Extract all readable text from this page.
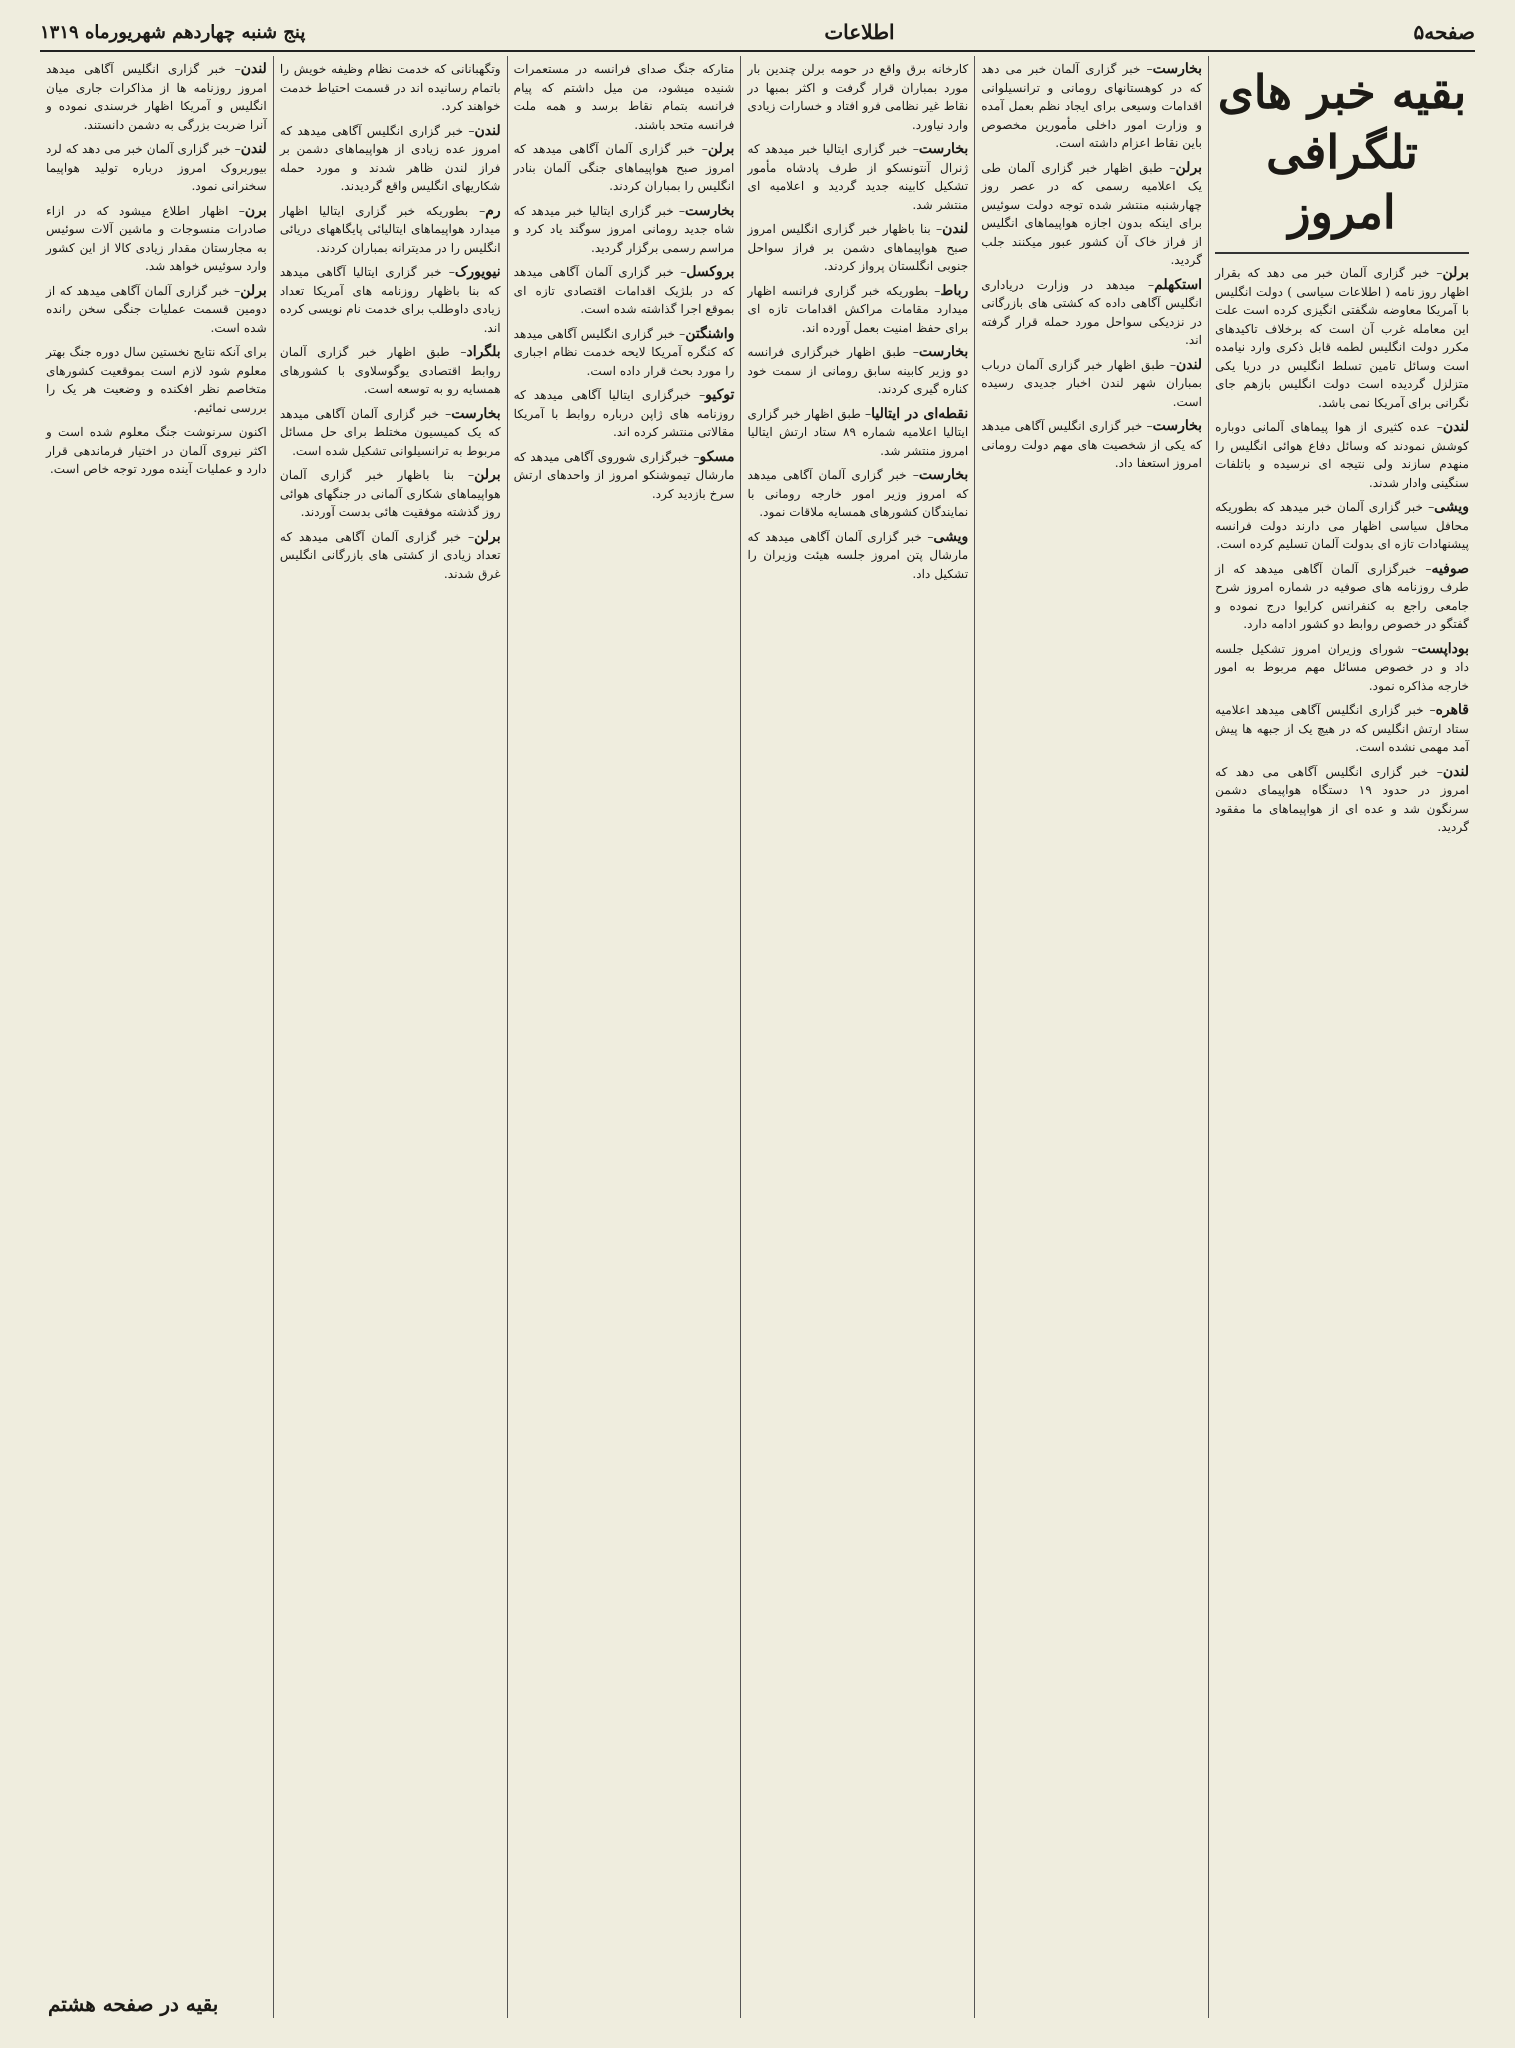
صفحه۵
اطلاعات
پنج شنبه چهاردهم شهریورماه ۱۳۱۹
بقیه خبر های تلگرافی امروز

برلن– خبر گزاری آلمان خبر می دهد که بقرار اظهار روز نامه ( اطلاعات سیاسی ) دولت انگلیس با آمریکا معاوضه شگفتی انگیزی کرده است علت این معامله غرب آن است که برخلاف تاکیدهای مکرر دولت انگلیس لطمه قابل ذکری وارد نیامده است وسائل تامین تسلط انگلیس در دریا یکی متزلزل گردیده است دولت انگلیس بازهم جای نگرانی برای آمریکا نمی باشد.

لندن– عده کثیری از هوا پیماهای آلمانی دوباره کوشش نمودند که وسائل دفاع هوائی انگلیس را منهدم سازند ولی نتیجه ای نرسیده و باتلفات سنگینی وادار شدند.

ویشی– خبر گزاری آلمان خبر میدهد که بطوریکه محافل سیاسی اظهار می دارند دولت فرانسه پیشنهادات تازه ای بدولت آلمان تسلیم کرده است.

صوفیه– خبرگزاری آلمان آگاهی میدهد که از طرف روزنامه های صوفیه در شماره امروز شرح جامعی راجع به کنفرانس کرایوا درج نموده و گفتگو در خصوص روابط دو کشور ادامه دارد.

بوداپست– شورای وزیران امروز تشکیل جلسه داد و در خصوص مسائل مهم مربوط به امور خارجه مذاکره نمود.

قاهره– خبر گزاری انگلیس آگاهی میدهد اعلامیه ستاد ارتش انگلیس که در هیچ یک از جبهه ها پیش آمد مهمی نشده است.

لندن– خبر گزاری انگلیس آگاهی می دهد که امروز در حدود ۱۹ دستگاه هواپیمای دشمن سرنگون شد و عده ای از هواپیماهای ما مفقود گردید.

بخارست– خبر گزاری آلمان خبر می دهد که در کوهستانهای رومانی و ترانسیلوانی اقدامات وسیعی برای ایجاد نظم بعمل آمده و وزارت امور داخلی مأمورین مخصوص باین نقاط اعزام داشته است.

برلن– طبق اظهار خبر گزاری آلمان طی یک اعلامیه رسمی که در عصر روز چهارشنبه منتشر شده توجه دولت سوئیس برای اینکه بدون اجازه هواپیماهای انگلیس از فراز خاک آن کشور عبور میکنند جلب گردید.

استکهلم– میدهد در وزارت دریاداری انگلیس آگاهی داده که کشتی های بازرگانی در نزدیکی سواحل مورد حمله قرار گرفته اند.

لندن– طبق اظهار خبر گزاری آلمان درباب بمباران شهر لندن اخبار جدیدی رسیده است.

بخارست– خبر گزاری انگلیس آگاهی میدهد که یکی از شخصیت های مهم دولت رومانی امروز استعفا داد.

کارخانه برق واقع در حومه برلن چندین بار مورد بمباران قرار گرفت و اکثر بمبها در نقاط غیر نظامی فرو افتاد و خسارات زیادی وارد نیاورد.

بخارست– خبر گزاری ایتالیا خبر میدهد که ژنرال آنتونسکو از طرف پادشاه مأمور تشکیل کابینه جدید گردید و اعلامیه ای منتشر شد.

لندن– بنا باظهار خبر گزاری انگلیس امروز صبح هواپیماهای دشمن بر فراز سواحل جنوبی انگلستان پرواز کردند.

رباط– بطوریکه خبر گزاری فرانسه اظهار میدارد مقامات مراکش اقدامات تازه ای برای حفظ امنیت بعمل آورده اند.

بخارست– طبق اظهار خبرگزاری فرانسه دو وزیر کابینه سابق رومانی از سمت خود کناره گیری کردند.

نقطه‌ای در ایتالیا– طبق اظهار خبر گزاری ایتالیا اعلامیه شماره ۸۹ ستاد ارتش ایتالیا امروز منتشر شد.

بخارست– خبر گزاری آلمان آگاهی میدهد که امروز وزیر امور خارجه رومانی با نمایندگان کشورهای همسایه ملاقات نمود.

ویشی– خبر گزاری آلمان آگاهی میدهد که مارشال پتن امروز جلسه هیئت وزیران را تشکیل داد.

متارکه جنگ صدای فرانسه در مستعمرات شنیده میشود، من میل داشتم که پیام فرانسه بتمام نقاط برسد و همه ملت فرانسه متحد باشند.

برلن– خبر گزاری آلمان آگاهی میدهد که امروز صبح هواپیماهای جنگی آلمان بنادر انگلیس را بمباران کردند.

بخارست– خبر گزاری ایتالیا خبر میدهد که شاه جدید رومانی امروز سوگند یاد کرد و مراسم رسمی برگزار گردید.

بروکسل– خبر گزاری آلمان آگاهی میدهد که در بلژیک اقدامات اقتصادی تازه ای بموقع اجرا گذاشته شده است.

واشنگتن– خبر گزاری انگلیس آگاهی میدهد که کنگره آمریکا لایحه خدمت نظام اجباری را مورد بحث قرار داده است.

توکیو– خبرگزاری ایتالیا آگاهی میدهد که روزنامه های ژاپن درباره روابط با آمریکا مقالاتی منتشر کرده اند.

مسکو– خبرگزاری شوروی آگاهی میدهد که مارشال تیموشنکو امروز از واحدهای ارتش سرخ بازدید کرد.

وتگهبانانی که خدمت نظام وظیفه خویش را باتمام رسانیده اند در قسمت احتیاط خدمت خواهند کرد.

لندن– خبر گزاری انگلیس آگاهی میدهد که امروز عده زیادی از هواپیماهای دشمن بر فراز لندن ظاهر شدند و مورد حمله شکاریهای انگلیس واقع گردیدند.

رم– بطوریکه خبر گزاری ایتالیا اظهار میدارد هواپیماهای ایتالیائی پایگاههای دریائی انگلیس را در مدیترانه بمباران کردند.

نیویورک– خبر گزاری ایتالیا آگاهی میدهد که بنا باظهار روزنامه های آمریکا تعداد زیادی داوطلب برای خدمت نام نویسی کرده اند.

بلگراد– طبق اظهار خبر گزاری آلمان روابط اقتصادی یوگوسلاوی با کشورهای همسایه رو به توسعه است.

بخارست– خبر گزاری آلمان آگاهی میدهد که یک کمیسیون مختلط برای حل مسائل مربوط به ترانسیلوانی تشکیل شده است.

برلن– بنا باظهار خبر گزاری آلمان هواپیماهای شکاری آلمانی در جنگهای هوائی روز گذشته موفقیت هائی بدست آوردند.

برلن– خبر گزاری آلمان آگاهی میدهد که تعداد زیادی از کشتی های بازرگانی انگلیس غرق شدند.

لندن– خبر گزاری انگلیس آگاهی میدهد امروز روزنامه ها از مذاکرات جاری میان انگلیس و آمریکا اظهار خرسندی نموده و آنرا ضربت بزرگی به دشمن دانستند.

لندن– خبر گزاری آلمان خبر می دهد که لرد بیوربروک امروز درباره تولید هواپیما سخنرانی نمود.

برن– اظهار اطلاع میشود که در ازاء صادرات منسوجات و ماشین آلات سوئیس به مجارستان مقدار زیادی کالا از این کشور وارد سوئیس خواهد شد.

برلن– خبر گزاری آلمان آگاهی میدهد که از دومین قسمت عملیات جنگی سخن رانده شده است.

برای آنکه نتایج نخستین سال دوره جنگ بهتر معلوم شود لازم است بموقعیت کشورهای متخاصم نظر افکنده و وضعیت هر یک را بررسی نمائیم.

اکنون سرنوشت جنگ معلوم شده است و اکثر نیروی آلمان در اختیار فرماندهی قرار دارد و عملیات آینده مورد توجه خاص است.

بقیه در صفحه هشتم
